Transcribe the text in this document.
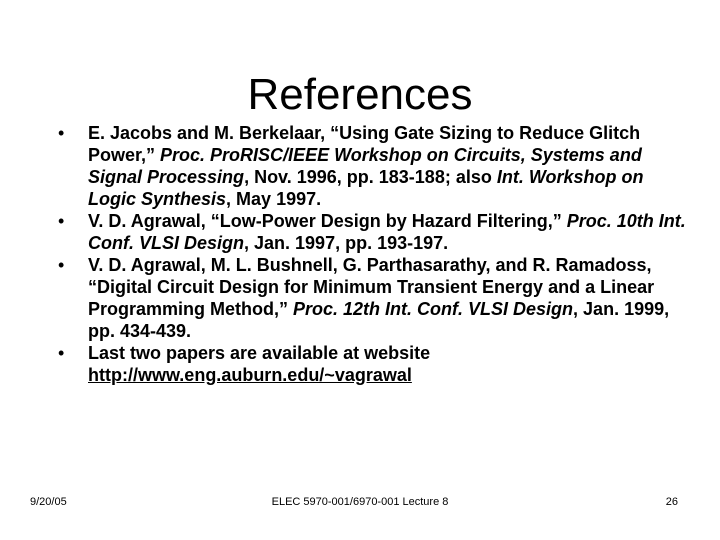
References
• E. Jacobs and M. Berkelaar, “Using Gate Sizing to Reduce Glitch Power,” Proc. ProRISC/IEEE Workshop on Circuits, Systems and Signal Processing, Nov. 1996, pp. 183-188; also Int. Workshop on Logic Synthesis, May 1997.
• V. D. Agrawal, “Low-Power Design by Hazard Filtering,” Proc. 10th Int. Conf. VLSI Design, Jan. 1997, pp. 193-197.
• V. D. Agrawal, M. L. Bushnell, G. Parthasarathy, and R. Ramadoss, “Digital Circuit Design for Minimum Transient Energy and a Linear Programming Method,” Proc. 12th Int. Conf. VLSI Design, Jan. 1999, pp. 434-439.
• Last two papers are available at website http://www.eng.auburn.edu/~vagrawal
9/20/05	ELEC 5970-001/6970-001 Lecture 8	26
